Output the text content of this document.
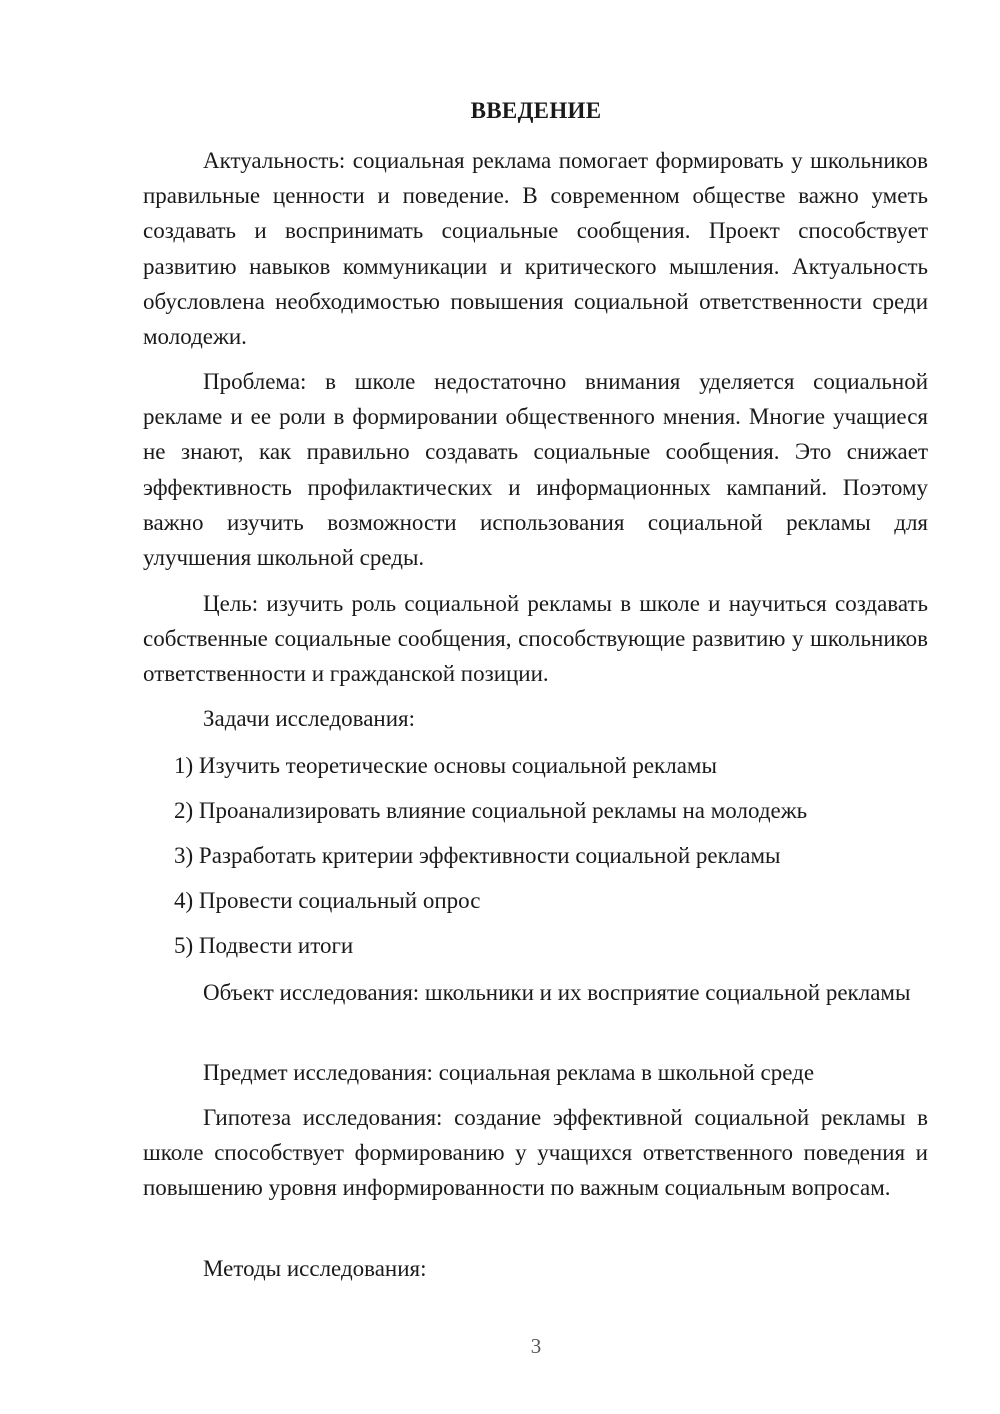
ВВЕДЕНИЕ

Актуальность: социальная реклама помогает формировать у школьников правильные ценности и поведение. В современном обществе важно уметь создавать и воспринимать социальные сообщения. Проект способствует развитию навыков коммуникации и критического мышления. Актуальность обусловлена необходимостью повышения социальной ответственности среди молодежи.

Проблема: в школе недостаточно внимания уделяется социальной рекламе и ее роли в формировании общественного мнения. Многие учащиеся не знают, как правильно создавать социальные сообщения. Это снижает эффективность профилактических и информационных кампаний. Поэтому важно изучить возможности использования социальной рекламы для улучшения школьной среды.

Цель: изучить роль социальной рекламы в школе и научиться создавать собственные социальные сообщения, способствующие развитию у школьников ответственности и гражданской позиции.

Задачи исследования:

1) Изучить теоретические основы социальной рекламы

2) Проанализировать влияние социальной рекламы на молодежь

3) Разработать критерии эффективности социальной рекламы

4) Провести социальный опрос

5) Подвести итоги

Объект исследования: школьники и их восприятие социальной рекламы

Предмет исследования: социальная реклама в школьной среде

Гипотеза исследования: создание эффективной социальной рекламы в школе способствует формированию у учащихся ответственного поведения и повышению уровня информированности по важным социальным вопросам.

Методы исследования:

3
